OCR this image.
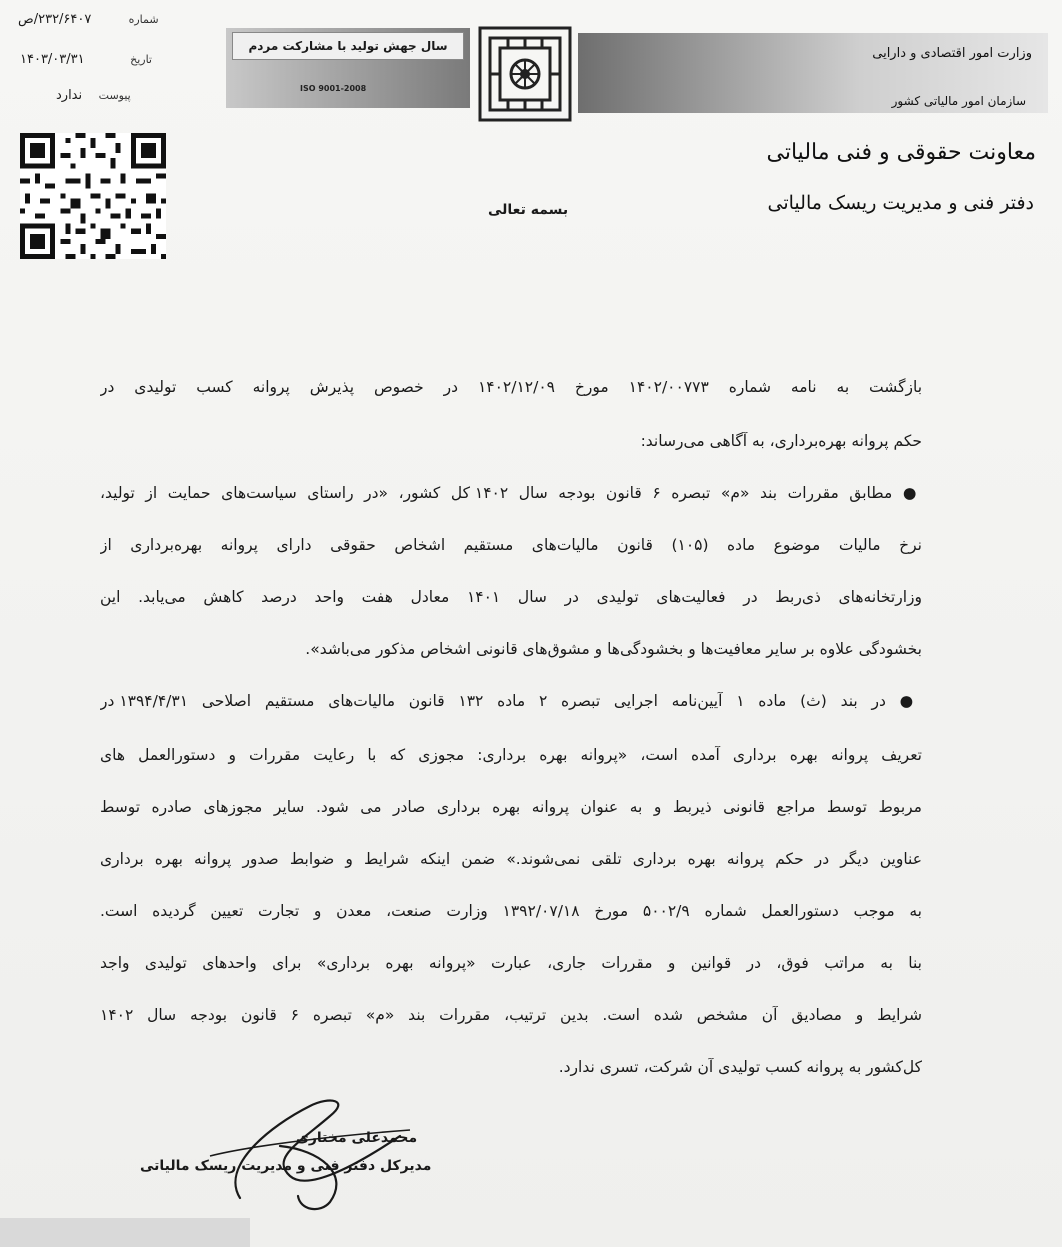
سال جهش تولید با مشارکت مردم
ISO 9001-2008
وزارت امور اقتصادی و دارایی
سازمان امور مالیاتی کشور
معاونت حقوقی و فنی مالیاتی
دفتر فنی و مدیریت ریسک مالیاتی
بسمه تعالی
شماره         ۲۳۲/۶۴۰۷/ص
تاریخ           ۱۴۰۳/۰۳/۳۱
پیوست    ندارد
بازگشت به نامه شماره ۱۴۰۲/۰۰۷۷۳ مورخ ۱۴۰۲/۱۲/۰۹ در خصوص پذیرش پروانه کسب تولیدی در
حکم پروانه بهره‌برداری، به آگاهی می‌رساند:
● مطابق مقررات بند «م» تبصره ۶ قانون بودجه سال ۱۴۰۲ کل کشور، «در راستای سیاست‌های حمایت از تولید،
نرخ مالیات موضوع ماده (۱۰۵) قانون مالیات‌های مستقیم اشخاص حقوقی دارای پروانه بهره‌برداری از
وزارتخانه‌های ذی‌ربط در فعالیت‌های تولیدی در سال ۱۴۰۱ معادل هفت واحد درصد کاهش می‌یابد. این
بخشودگی علاوه بر سایر معافیت‌ها و بخشودگی‌ها و مشوق‌های قانونی اشخاص مذکور می‌باشد».
● در بند (ث) ماده ۱ آیین‌نامه اجرایی تبصره ۲ ماده ۱۳۲ قانون مالیات‌های مستقیم اصلاحی ۱۳۹۴/۴/۳۱ در
تعریف پروانه بهره برداری آمده است، «پروانه بهره برداری: مجوزی که با رعایت مقررات و دستورالعمل های
مربوط توسط مراجع قانونی ذیربط و به عنوان پروانه بهره برداری صادر می شود. سایر مجوزهای صادره توسط
عناوین دیگر در حکم پروانه بهره برداری تلقی نمی‌شوند.» ضمن اینکه شرایط و ضوابط صدور پروانه بهره برداری
به موجب دستورالعمل شماره ۵۰۰۲/۹ مورخ ۱۳۹۲/۰۷/۱۸ وزارت صنعت، معدن و تجارت تعیین گردیده است.
بنا به مراتب فوق، در قوانین و مقررات جاری، عبارت «پروانه بهره برداری» برای واحدهای تولیدی واجد
شرایط و مصادیق آن مشخص شده است. بدین ترتیب، مقررات بند «م» تبصره ۶ قانون بودجه سال ۱۴۰۲
کل‌کشور به پروانه کسب تولیدی آن شرکت، تسری ندارد.
محمدعلی مختاری
مدیرکل دفتر فنی و مدیریت ریسک مالیاتی
